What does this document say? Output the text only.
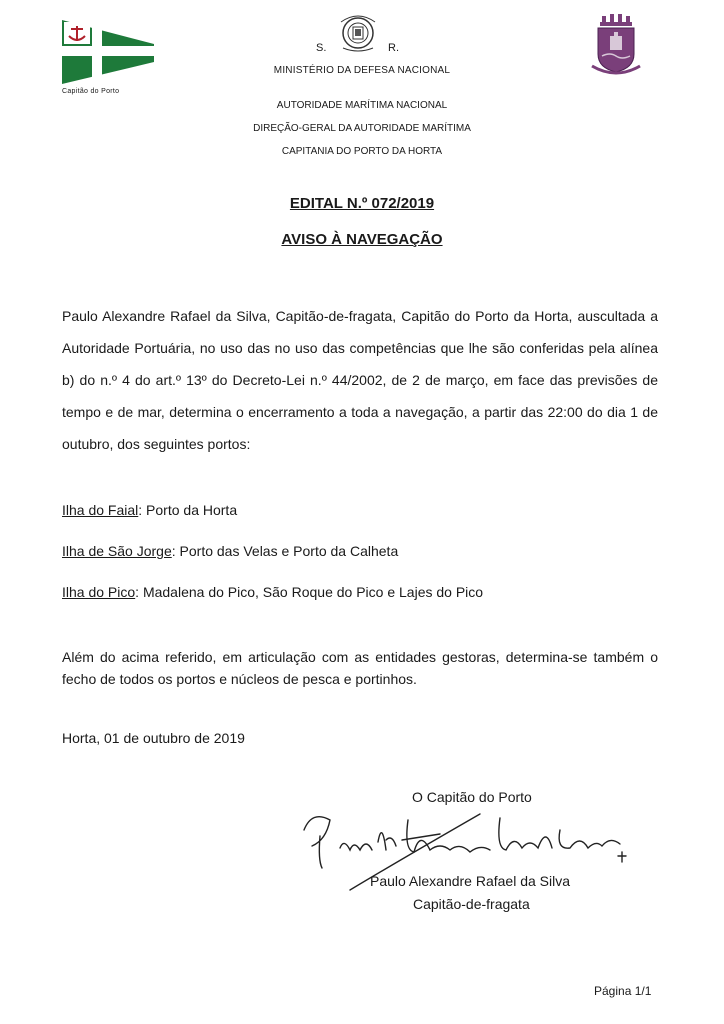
Capitão do Porto
S.	R.
MINISTÉRIO DA DEFESA NACIONAL
AUTORIDADE MARÍTIMA NACIONAL
DIREÇÃO-GERAL DA AUTORIDADE MARÍTIMA
CAPITANIA DO PORTO DA HORTA
EDITAL N.º 072/2019
AVISO À NAVEGAÇÃO
Paulo Alexandre Rafael da Silva, Capitão-de-fragata, Capitão do Porto da Horta, auscultada a Autoridade Portuária, no uso das no uso das competências que lhe são conferidas pela alínea b) do n.º 4 do art.º 13º do Decreto-Lei n.º 44/2002, de 2 de março, em face das previsões de tempo e de mar, determina o encerramento a toda a navegação, a partir das 22:00 do dia 1 de outubro, dos seguintes portos:
Ilha do Faial: Porto da Horta
Ilha de São Jorge: Porto das Velas e Porto da Calheta
Ilha do Pico: Madalena do Pico, São Roque do Pico e Lajes do Pico
Além do acima referido, em articulação com as entidades gestoras, determina-se também o fecho de todos os portos e núcleos de pesca e portinhos.
Horta, 01 de outubro de 2019
O Capitão do Porto
Paulo Alexandre Rafael da Silva
Capitão-de-fragata
Página 1/1
